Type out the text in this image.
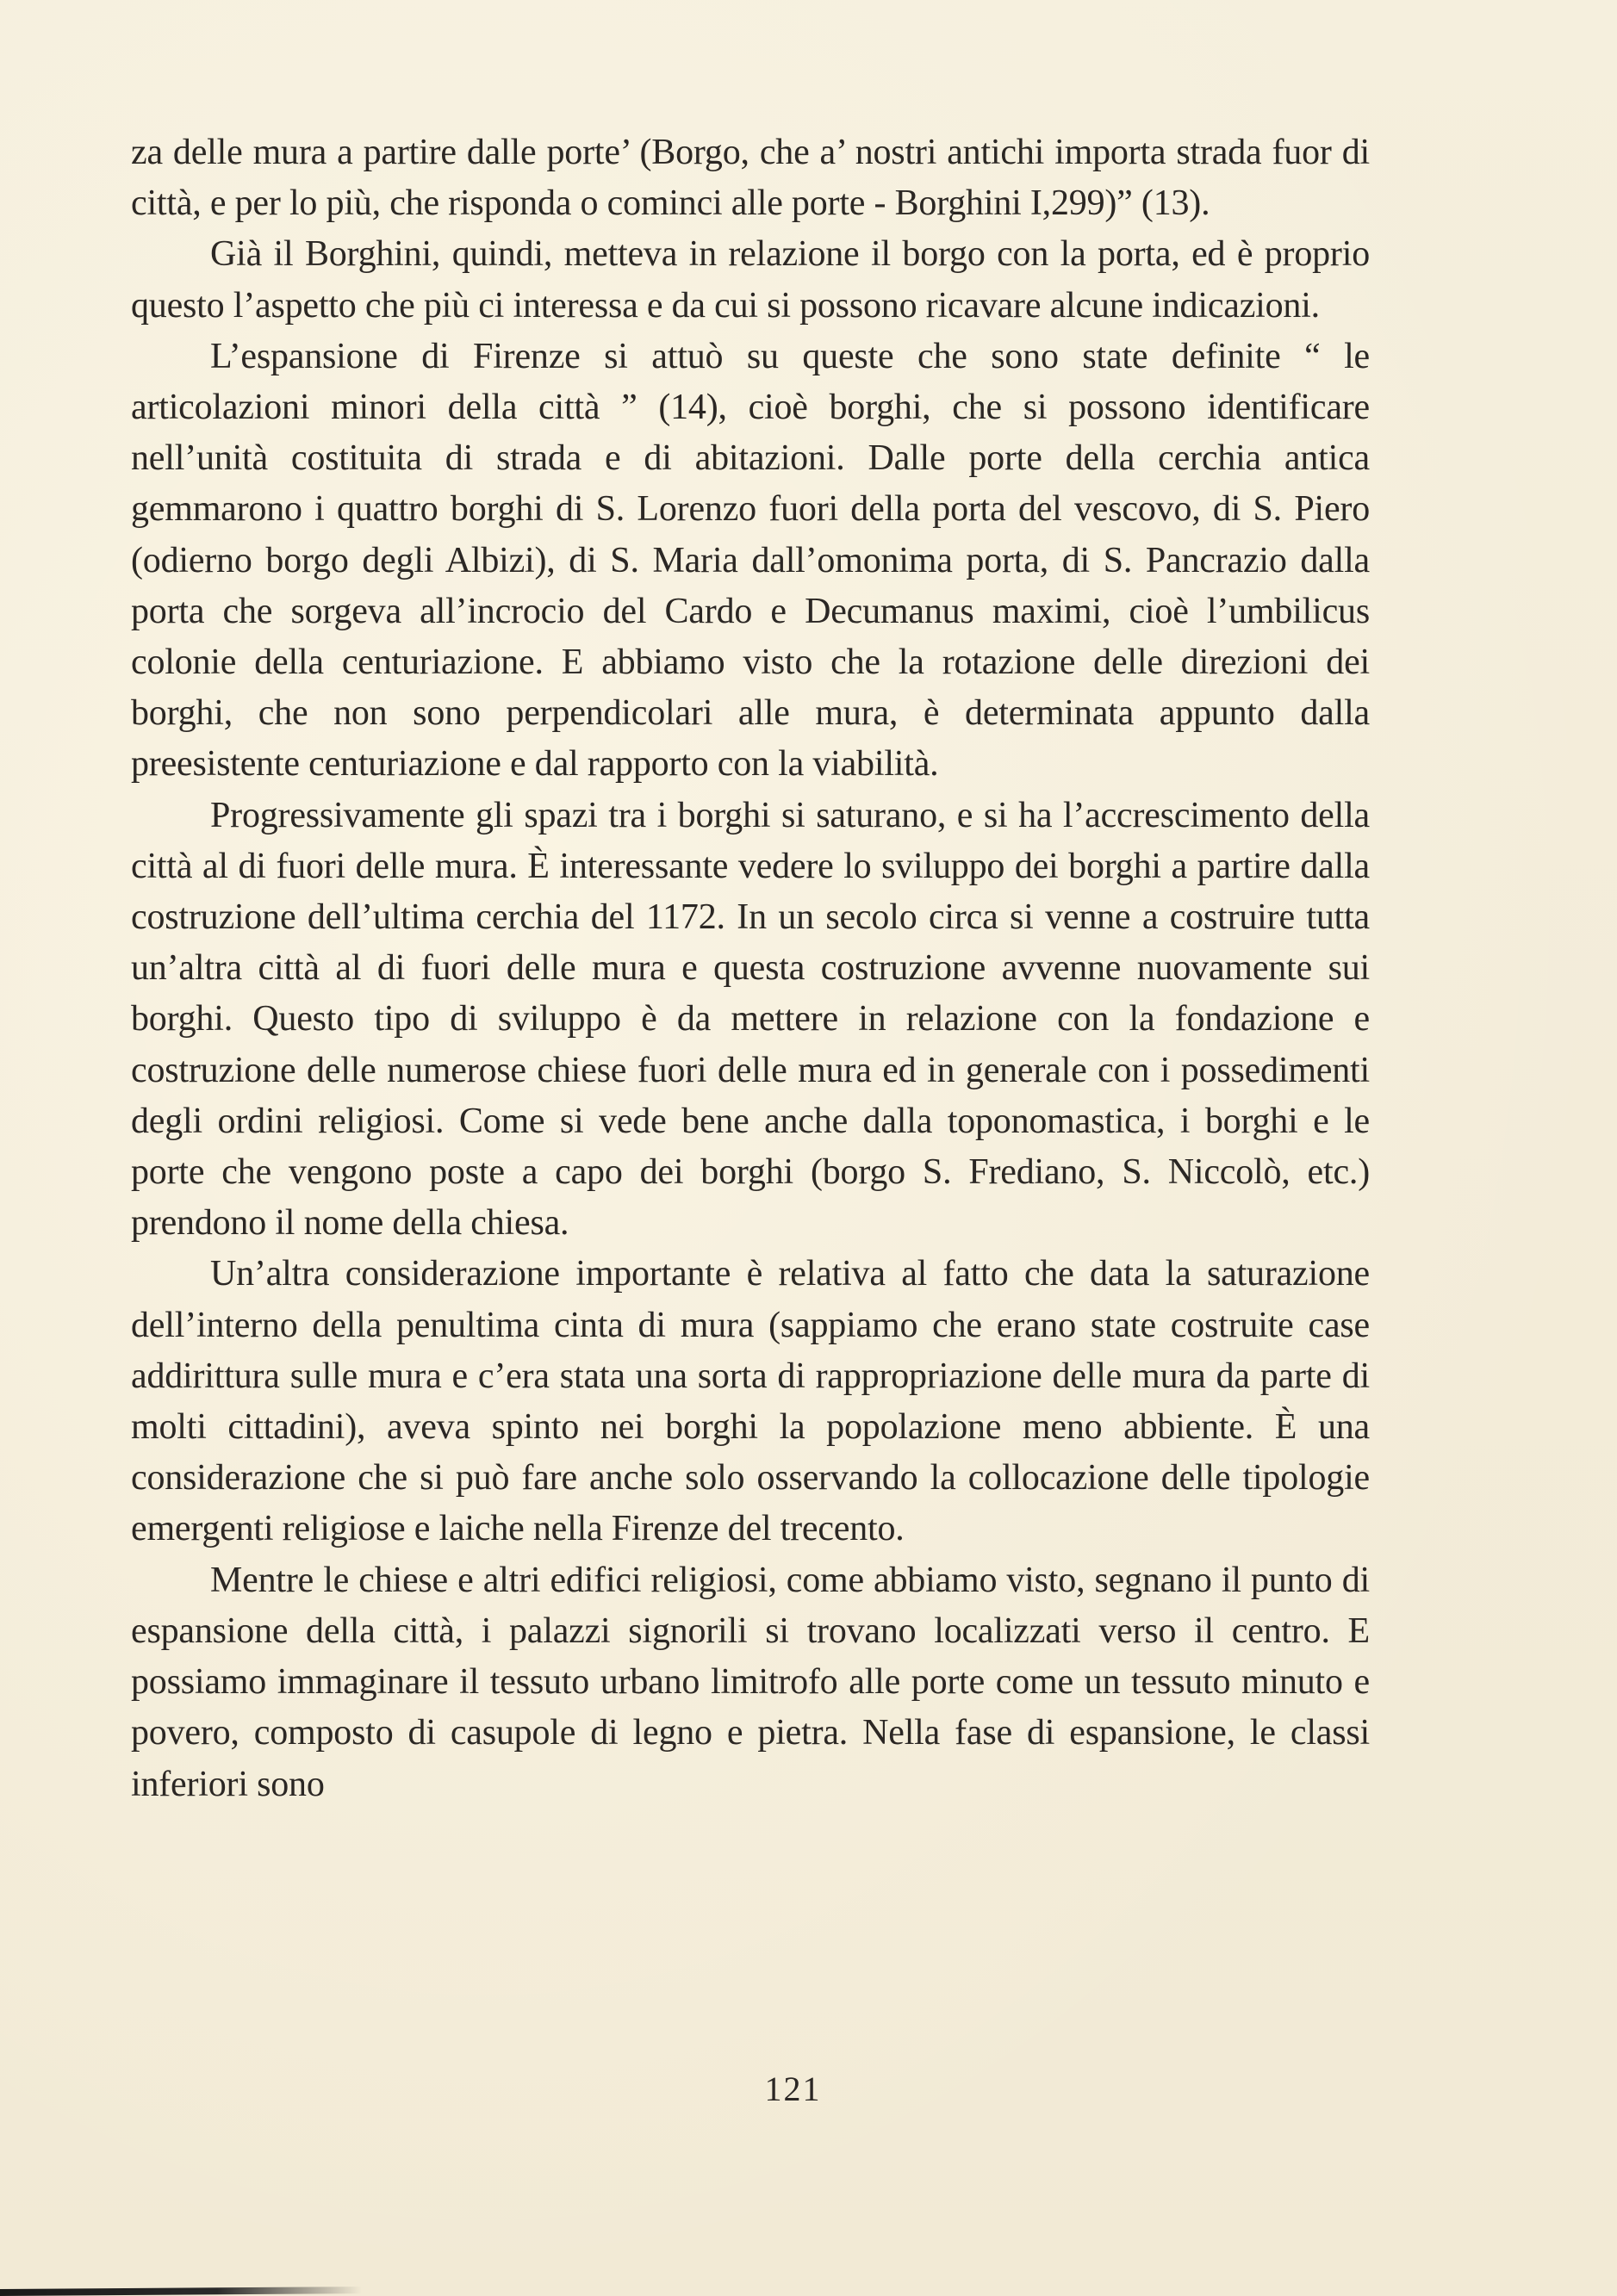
za delle mura a partire dalle porte’ (Borgo, che a’ nostri antichi importa strada fuor di città, e per lo più, che risponda o cominci alle porte - Borghini I,299)” (13).

Già il Borghini, quindi, metteva in relazione il borgo con la porta, ed è proprio questo l’aspetto che più ci interessa e da cui si possono ricavare alcune indicazioni.

L’espansione di Firenze si attuò su queste che sono state definite “ le articolazioni minori della città ” (14), cioè borghi, che si possono identificare nell’unità costituita di strada e di abitazioni. Dalle porte della cerchia antica gemmarono i quattro borghi di S. Lorenzo fuori della porta del vescovo, di S. Piero (odierno borgo degli Albizi), di S. Maria dall’omonima porta, di S. Pancrazio dalla porta che sorgeva all’incrocio del Cardo e Decumanus maximi, cioè l’umbilicus colonie della centuriazione. E abbiamo visto che la rotazione delle direzioni dei borghi, che non sono perpendicolari alle mura, è determinata appunto dalla preesistente centuriazione e dal rapporto con la viabilità.

Progressivamente gli spazi tra i borghi si saturano, e si ha l’accrescimento della città al di fuori delle mura. È interessante vedere lo sviluppo dei borghi a partire dalla costruzione dell’ultima cerchia del 1172. In un secolo circa si venne a costruire tutta un’altra città al di fuori delle mura e questa costruzione avvenne nuovamente sui borghi. Questo tipo di sviluppo è da mettere in relazione con la fondazione e costruzione delle numerose chiese fuori delle mura ed in generale con i possedimenti degli ordini religiosi. Come si vede bene anche dalla toponomastica, i borghi e le porte che vengono poste a capo dei borghi (borgo S. Frediano, S. Niccolò, etc.) prendono il nome della chiesa.

Un’altra considerazione importante è relativa al fatto che data la saturazione dell’interno della penultima cinta di mura (sappiamo che erano state costruite case addirittura sulle mura e c’era stata una sorta di rappropriazione delle mura da parte di molti cittadini), aveva spinto nei borghi la popolazione meno abbiente. È una considerazione che si può fare anche solo osservando la collocazione delle tipologie emergenti religiose e laiche nella Firenze del trecento.

Mentre le chiese e altri edifici religiosi, come abbiamo visto, segnano il punto di espansione della città, i palazzi signorili si trovano localizzati verso il centro. E possiamo immaginare il tessuto urbano limitrofo alle porte come un tessuto minuto e povero, composto di casupole di legno e pietra. Nella fase di espansione, le classi inferiori sono

121
